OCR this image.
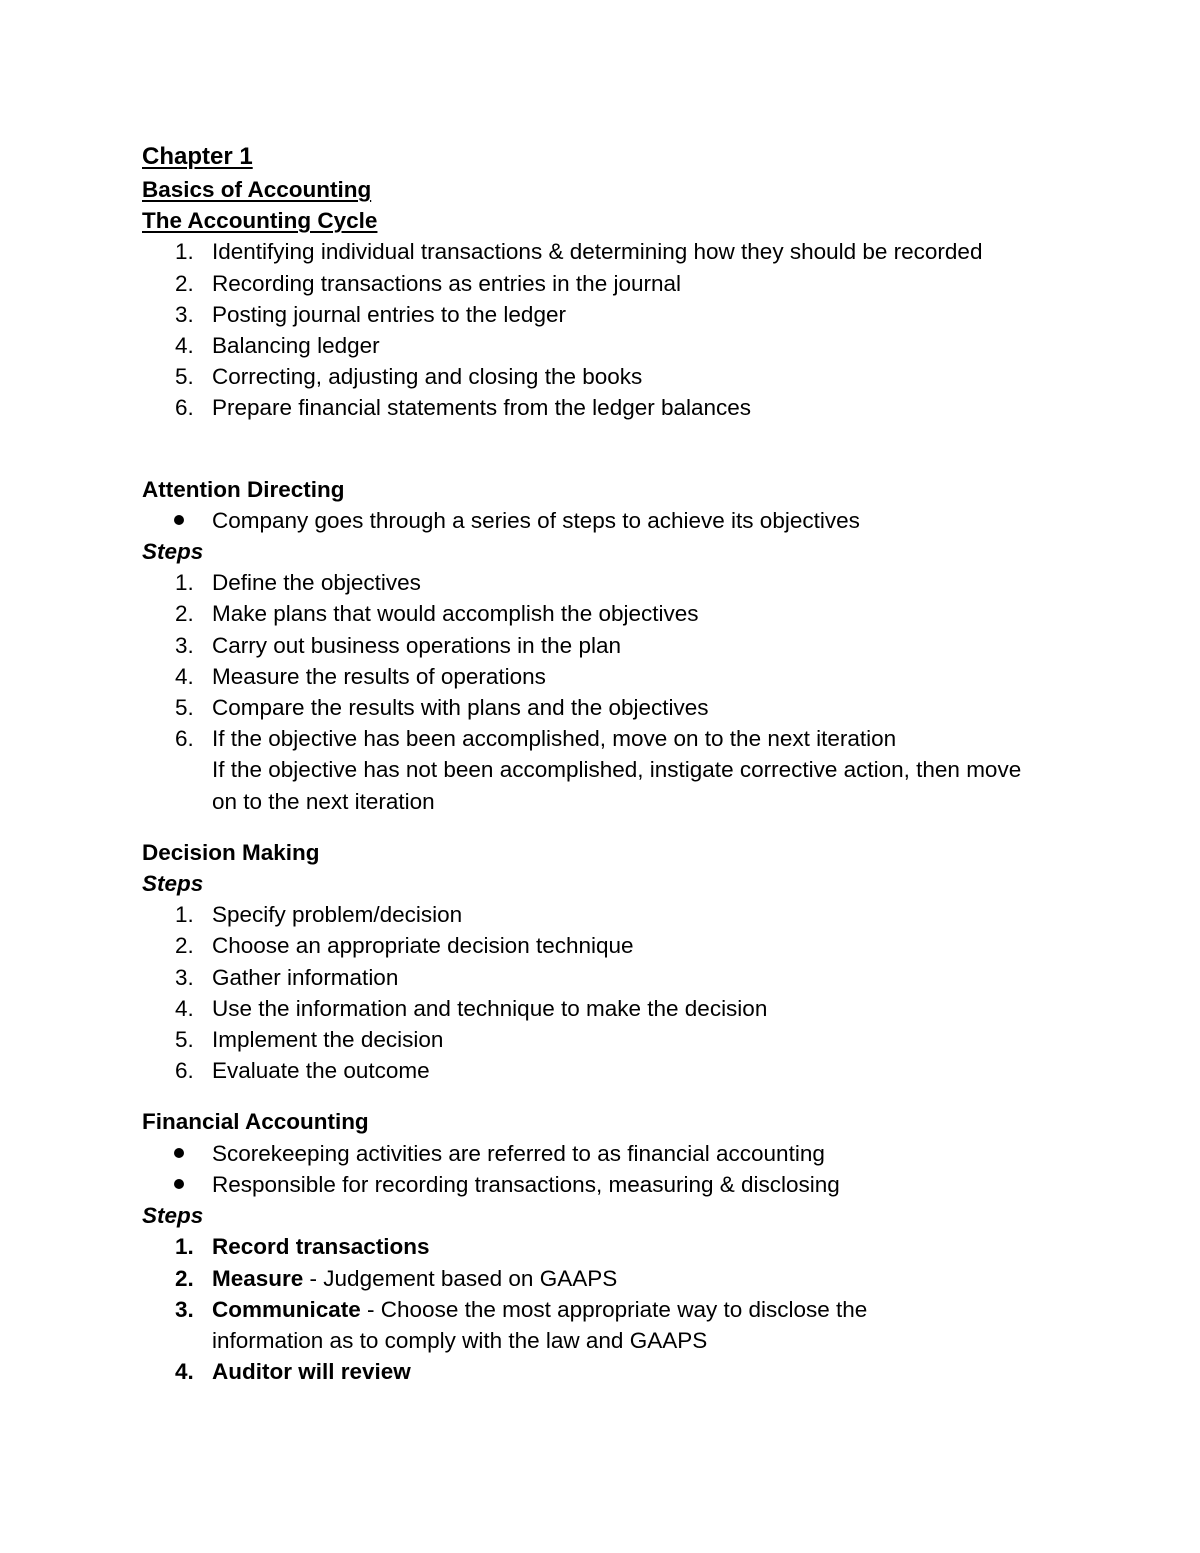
Chapter 1
Basics of Accounting
The Accounting Cycle
1. Identifying individual transactions & determining how they should be recorded
2. Recording transactions as entries in the journal
3. Posting journal entries to the ledger
4. Balancing ledger
5. Correcting, adjusting and closing the books
6. Prepare financial statements from the ledger balances
Attention Directing
Company goes through a series of steps to achieve its objectives
Steps
1. Define the objectives
2. Make plans that would accomplish the objectives
3. Carry out business operations in the plan
4. Measure the results of operations
5. Compare the results with plans and the objectives
6. If the objective has been accomplished, move on to the next iteration
If the objective has not been accomplished, instigate corrective action, then move
on to the next iteration
Decision Making
Steps
1. Specify problem/decision
2. Choose an appropriate decision technique
3. Gather information
4. Use the information and technique to make the decision
5. Implement the decision
6. Evaluate the outcome
Financial Accounting
Scorekeeping activities are referred to as financial accounting
Responsible for recording transactions, measuring & disclosing
Steps
1. Record transactions
2. Measure - Judgement based on GAAPS
3. Communicate - Choose the most appropriate way to disclose the
information as to comply with the law and GAAPS
4. Auditor will review
